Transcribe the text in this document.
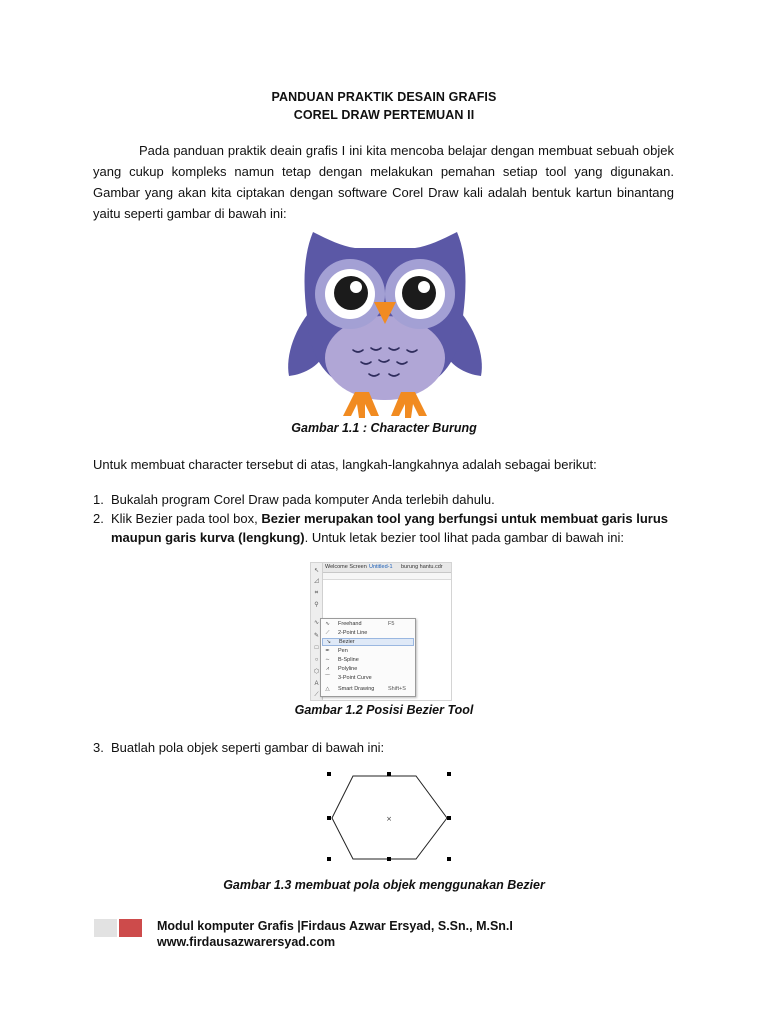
PANDUAN PRAKTIK DESAIN GRAFIS
COREL DRAW PERTEMUAN II
Pada panduan praktik deain grafis I ini kita mencoba belajar dengan membuat sebuah objek yang cukup kompleks namun tetap dengan melakukan pemahan setiap tool yang digunakan. Gambar yang akan kita ciptakan dengan software Corel Draw kali adalah bentuk kartun binantang yaitu seperti gambar di bawah ini:
Gambar 1.1 : Character Burung
Untuk membuat character tersebut di atas, langkah-langkahnya adalah sebagai berikut:
1. Bukalah program Corel Draw pada komputer Anda terlebih dahulu.
2. Klik Bezier pada tool box, Bezier merupakan tool yang berfungsi untuk membuat garis lurus maupun garis kurva (lengkung). Untuk letak bezier tool lihat pada gambar di bawah ini:
↖
◿
⌗
⚲
∿
✎
□
○
⬡
A
⟋
Welcome Screen Untitled-1 burung hantu.cdr
∿ Freehand	F5
⟋ 2-Point Line
↘ Bezier
✒ Pen
∼ B-Spline
⩘	Polyline
⌒ 3-Point Curve
△ Smart Drawing Shift+S
Gambar 1.2 Posisi Bezier Tool
3. Buatlah pola objek seperti gambar di bawah ini:
×
Gambar 1.3 membuat pola objek menggunakan Bezier
Modul komputer Grafis |Firdaus Azwar Ersyad, S.Sn., M.Sn.I
www.firdausazwarersyad.com
